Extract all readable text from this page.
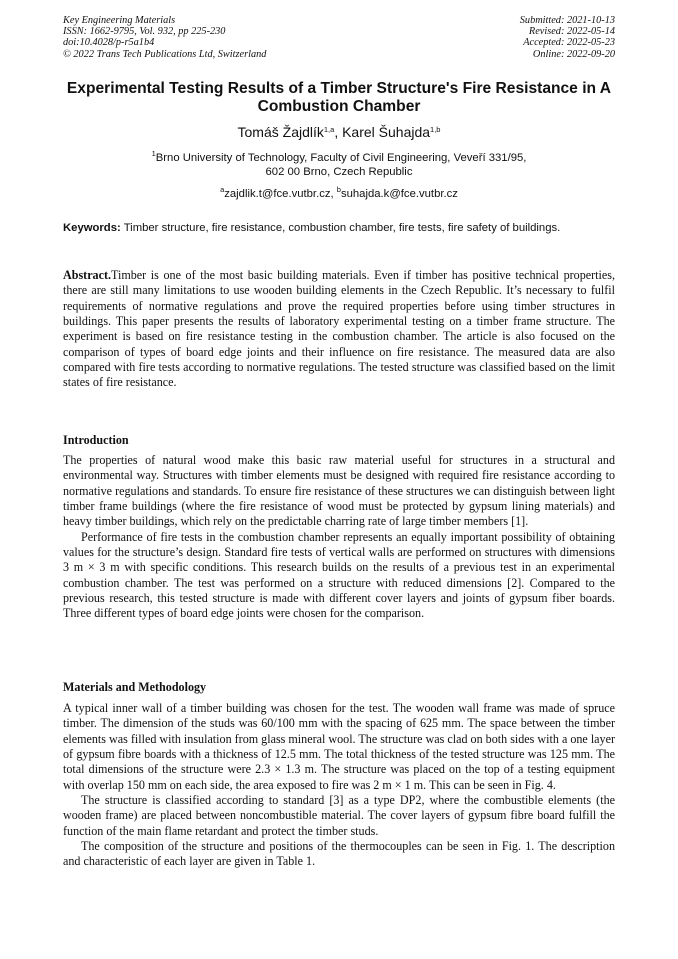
Key Engineering Materials
ISSN: 1662-9795, Vol. 932, pp 225-230
doi:10.4028/p-r5a1b4
© 2022 Trans Tech Publications Ltd, Switzerland
Submitted: 2021-10-13
Revised: 2022-05-14
Accepted: 2022-05-23
Online: 2022-09-20
Experimental Testing Results of a Timber Structure's Fire Resistance in A Combustion Chamber
Tomáš Žajdlík$^{1,a}$, Karel Šuhajda$^{1,b}$
$^1$Brno University of Technology, Faculty of Civil Engineering, Veveří 331/95,
602 00 Brno, Czech Republic
$^a$zajdlik.t@fce.vutbr.cz, $^b$suhajda.k@fce.vutbr.cz
Keywords: Timber structure, fire resistance, combustion chamber, fire tests, fire safety of buildings.

Abstract.Timber is one of the most basic building materials. Even if timber has positive technical properties, there are still many limitations to use wooden building elements in the Czech Republic. It’s necessary to fulfil requirements of normative regulations and prove the required properties before using timber structures in buildings. This paper presents the results of laboratory experimental testing on a timber frame structure. The experiment is based on fire resistance testing in the combustion chamber. The article is also focused on the comparison of types of board edge joints and their influence on fire resistance. The measured data are also compared with fire tests according to normative regulations. The tested structure was classified based on the limit states of fire resistance.

Introduction

The properties of natural wood make this basic raw material useful for structures in a structural and environmental way. Structures with timber elements must be designed with required fire resistance according to normative regulations and standards. To ensure fire resistance of these structures we can distinguish between light timber frame buildings (where the fire resistance of wood must be protected by gypsum lining materials) and heavy timber buildings, which rely on the predictable charring rate of large timber members [1].

Performance of fire tests in the combustion chamber represents an equally important possibility of obtaining values for the structure’s design. Standard fire tests of vertical walls are performed on structures with dimensions 3 m × 3 m with specific conditions. This research builds on the results of a previous test in an experimental combustion chamber. The test was performed on a structure with reduced dimensions [2]. Compared to the previous research, this tested structure is made with different cover layers and joints of gypsum fiber boards. Three different types of board edge joints were chosen for the comparison.

Materials and Methodology

A typical inner wall of a timber building was chosen for the test. The wooden wall frame was made of spruce timber. The dimension of the studs was 60/100 mm with the spacing of 625 mm. The space between the timber elements was filled with insulation from glass mineral wool. The structure was clad on both sides with a one layer of gypsum fibre boards with a thickness of 12.5 mm. The total thickness of the tested structure was 125 mm. The total dimensions of the structure were 2.3 × 1.3 m. The structure was placed on the top of a testing equipment with overlap 150 mm on each side, the area exposed to fire was 2 m × 1 m. This can be seen in Fig. 4.

The structure is classified according to standard [3] as a type DP2, where the combustible elements (the wooden frame) are placed between noncombustible material. The cover layers of gypsum fibre board fulfill the function of the main flame retardant and protect the timber studs.

The composition of the structure and positions of the thermocouples can be seen in Fig. 1. The description and characteristic of each layer are given in Table 1.
